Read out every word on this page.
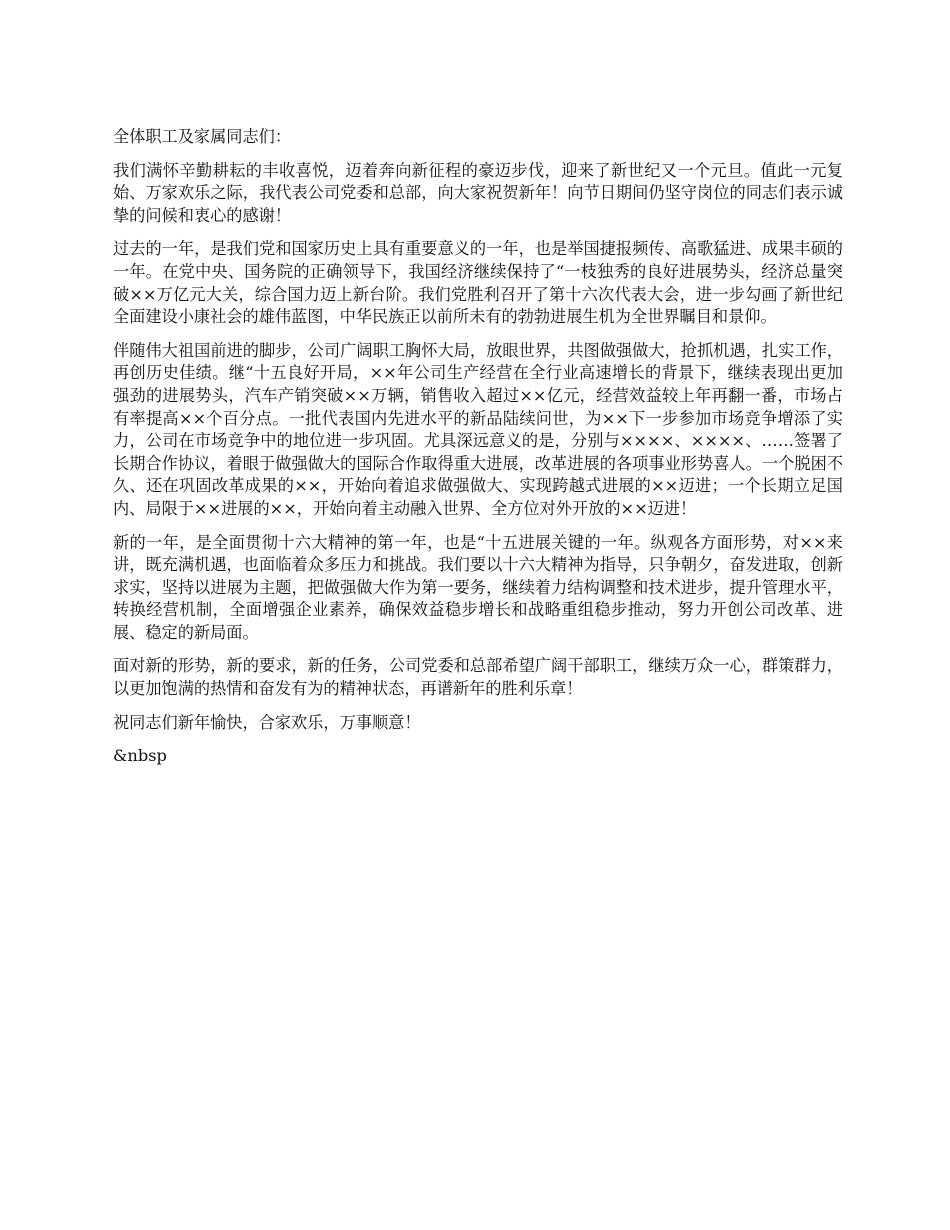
全体职工及家属同志们：

我们满怀辛勤耕耘的丰收喜悦，迈着奔向新征程的豪迈步伐，迎来了新世纪又一个元旦。值此一元复始、万家欢乐之际，我代表公司党委和总部，向大家祝贺新年！向节日期间仍坚守岗位的同志们表示诚挚的问候和衷心的感谢！

过去的一年，是我们党和国家历史上具有重要意义的一年，也是举国捷报频传、高歌猛进、成果丰硕的一年。在党中央、国务院的正确领导下，我国经济继续保持了“一枝独秀的良好进展势头，经济总量突破××万亿元大关，综合国力迈上新台阶。我们党胜利召开了第十六次代表大会，进一步勾画了新世纪全面建设小康社会的雄伟蓝图，中华民族正以前所未有的勃勃进展生机为全世界瞩目和景仰。

伴随伟大祖国前进的脚步，公司广阔职工胸怀大局，放眼世界，共图做强做大，抢抓机遇，扎实工作，再创历史佳绩。继“十五良好开局，××年公司生产经营在全行业高速增长的背景下，继续表现出更加强劲的进展势头，汽车产销突破××万辆，销售收入超过××亿元，经营效益较上年再翻一番，市场占有率提高××个百分点。一批代表国内先进水平的新品陆续问世，为××下一步参加市场竞争增添了实力，公司在市场竞争中的地位进一步巩固。尤具深远意义的是，分别与××××、××××、……签署了长期合作协议，着眼于做强做大的国际合作取得重大进展，改革进展的各项事业形势喜人。一个脱困不久、还在巩固改革成果的××，开始向着追求做强做大、实现跨越式进展的××迈进；一个长期立足国内、局限于××进展的××，开始向着主动融入世界、全方位对外开放的××迈进！

新的一年，是全面贯彻十六大精神的第一年，也是“十五进展关键的一年。纵观各方面形势，对××来讲，既充满机遇，也面临着众多压力和挑战。我们要以十六大精神为指导，只争朝夕，奋发进取，创新求实，坚持以进展为主题，把做强做大作为第一要务，继续着力结构调整和技术进步，提升管理水平，转换经营机制，全面增强企业素养，确保效益稳步增长和战略重组稳步推动，努力开创公司改革、进展、稳定的新局面。

面对新的形势，新的要求，新的任务，公司党委和总部希望广阔干部职工，继续万众一心，群策群力，以更加饱满的热情和奋发有为的精神状态，再谱新年的胜利乐章！

祝同志们新年愉快，合家欢乐，万事顺意！

&nbsp
